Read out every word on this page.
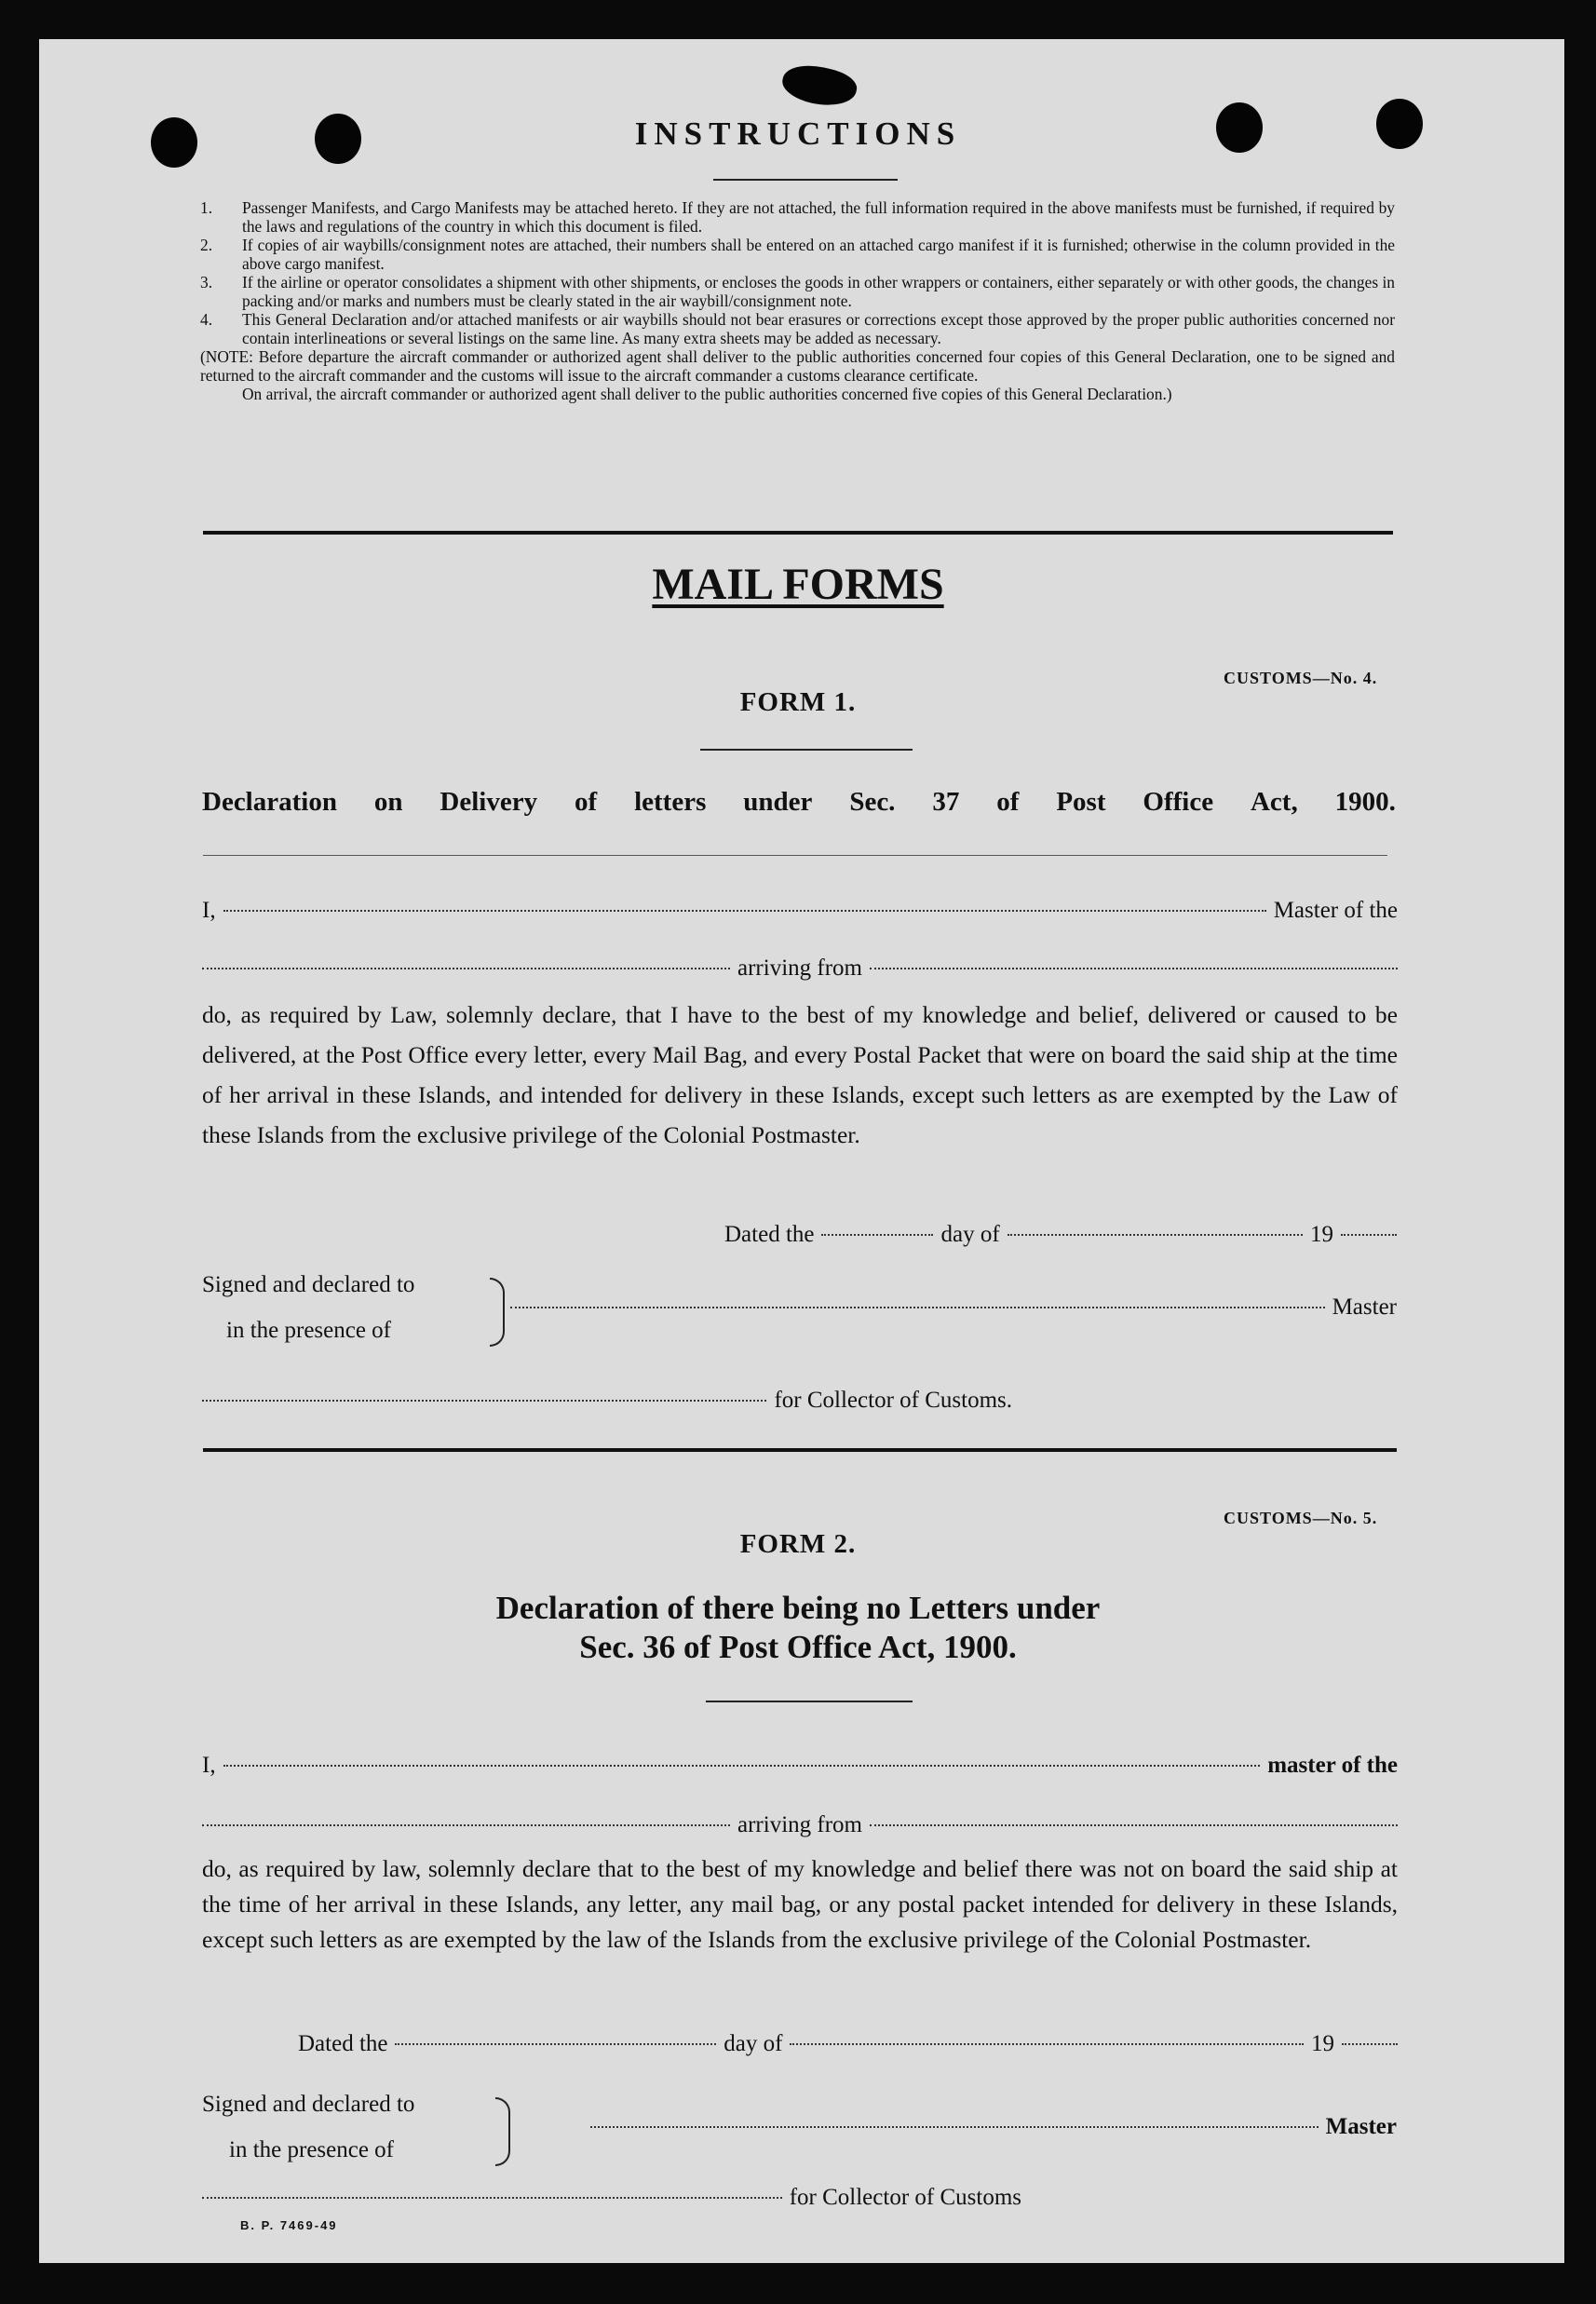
INSTRUCTIONS
1. Passenger Manifests, and Cargo Manifests may be attached hereto. If they are not attached, the full information required in the above manifests must be furnished, if required by the laws and regulations of the country in which this document is filed.
2. If copies of air waybills/consignment notes are attached, their numbers shall be entered on an attached cargo manifest if it is furnished; otherwise in the column provided in the above cargo manifest.
3. If the airline or operator consolidates a shipment with other shipments, or encloses the goods in other wrappers or containers, either separately or with other goods, the changes in packing and/or marks and numbers must be clearly stated in the air waybill/consignment note.
4. This General Declaration and/or attached manifests or air waybills should not bear erasures or corrections except those approved by the proper public authorities concerned nor contain interlineations or several listings on the same line. As many extra sheets may be added as necessary.
(NOTE: Before departure the aircraft commander or authorized agent shall deliver to the public authorities concerned four copies of this General Declaration, one to be signed and returned to the aircraft commander and the customs will issue to the aircraft commander a customs clearance certificate.
On arrival, the aircraft commander or authorized agent shall deliver to the public authorities concerned five copies of this General Declaration.)
MAIL FORMS
CUSTOMS—No. 4.
FORM 1.
Declaration on Delivery of letters under Sec. 37 of Post Office Act, 1900.
I,	Master of the
arriving from
do, as required by Law, solemnly declare, that I have to the best of my knowledge and belief, delivered or caused to be delivered, at the Post Office every letter, every Mail Bag, and every Postal Packet that were on board the said ship at the time of her arrival in these Islands, and intended for delivery in these Islands, except such letters as are exempted by the Law of these Islands from the exclusive privilege of the Colonial Postmaster.
Dated the	day of	19
Signed and declared to
in the presence of
Master
for Collector of Customs.
CUSTOMS—No. 5.
FORM 2.
Declaration of there being no Letters under
Sec. 36 of Post Office Act, 1900.
I,	master of the
arriving from
do, as required by law, solemnly declare that to the best of my knowledge and belief there was not on board the said ship at the time of her arrival in these Islands, any letter, any mail bag, or any postal packet intended for delivery in these Islands, except such letters as are exempted by the law of the Islands from the exclusive privilege of the Colonial Postmaster.
Dated the	day of	19
Signed and declared to
in the presence of
Master
for Collector of Customs
B. P. 7469-49
